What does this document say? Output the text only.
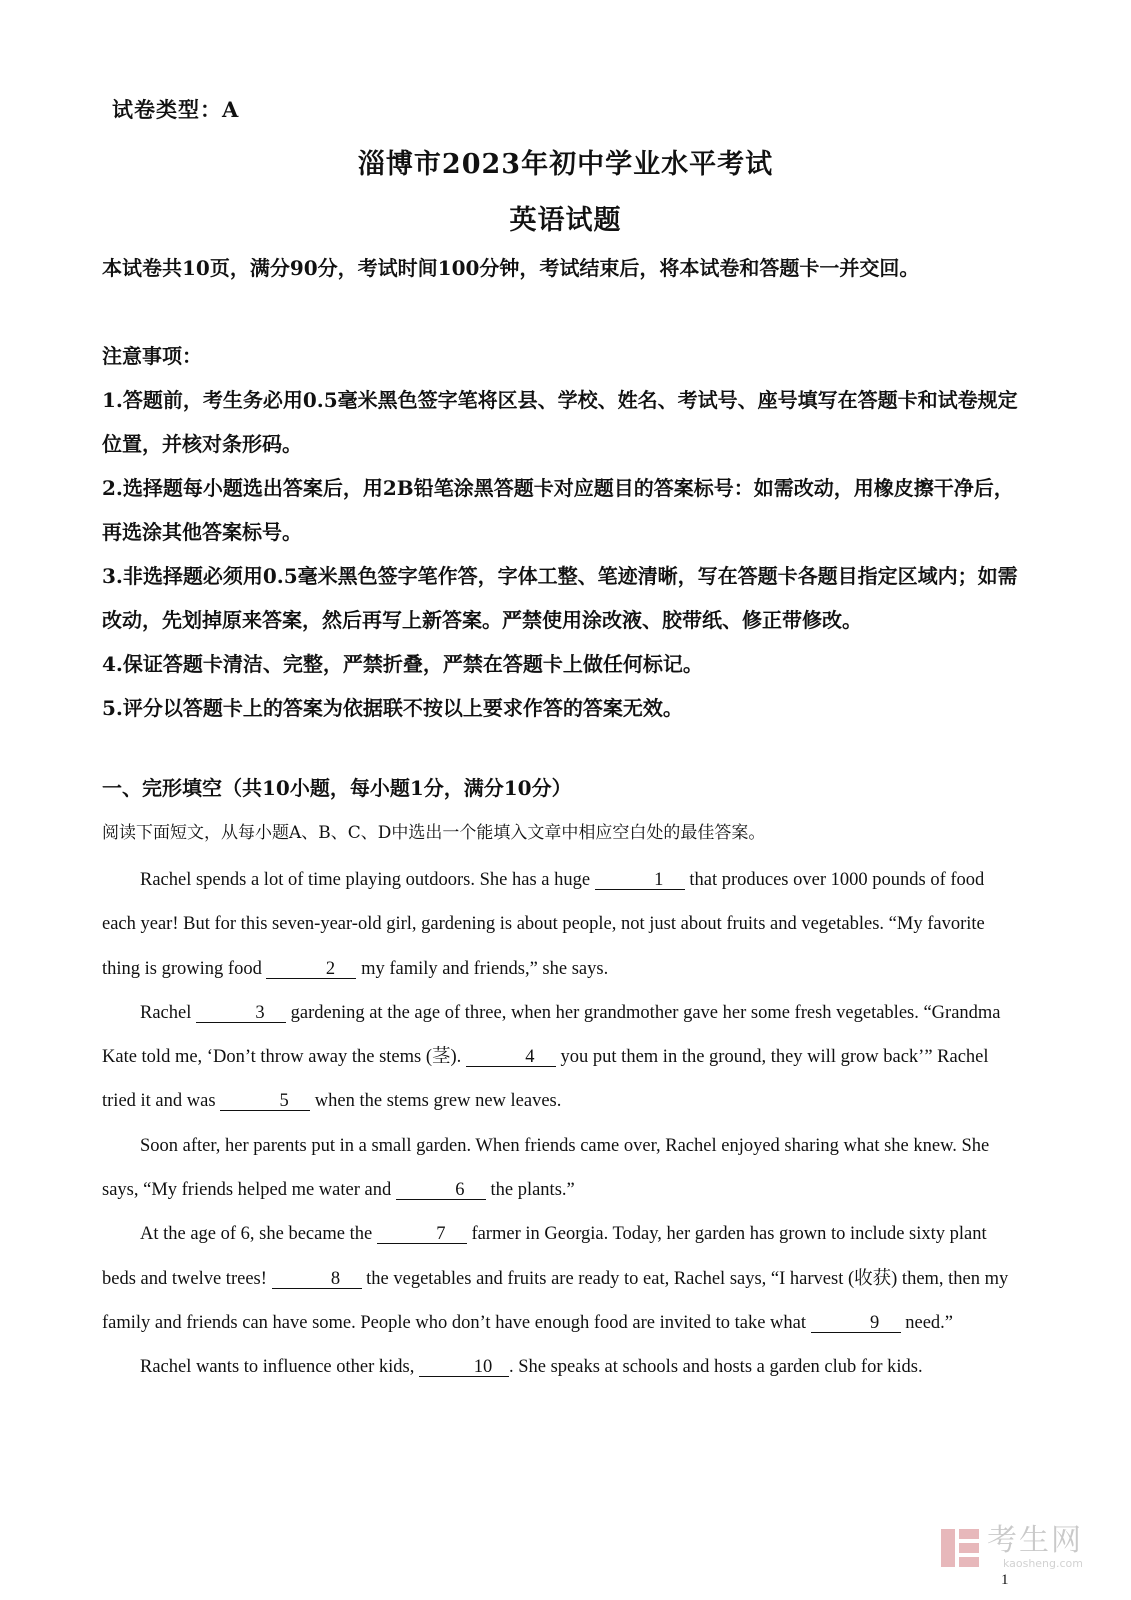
试卷类型：A
淄博市2023年初中学业水平考试
英语试题

本试卷共10页，满分90分，考试时间100分钟，考试结束后，将本试卷和答题卡一并交回。

注意事项：

1.答题前，考生务必用0.5毫米黑色签字笔将区县、学校、姓名、考试号、座号填写在答题卡和试卷规定位置，并核对条形码。

2.选择题每小题选出答案后，用2B铅笔涂黑答题卡对应题目的答案标号：如需改动，用橡皮擦干净后，再选涂其他答案标号。

3.非选择题必须用0.5毫米黑色签字笔作答，字体工整、笔迹清晰，写在答题卡各题目指定区域内；如需改动，先划掉原来答案，然后再写上新答案。严禁使用涂改液、胶带纸、修正带修改。

4.保证答题卡清洁、完整，严禁折叠，严禁在答题卡上做任何标记。

5.评分以答题卡上的答案为依据联不按以上要求作答的答案无效。

一、完形填空（共10小题，每小题1分，满分10分）
阅读下面短文，从每小题A、B、C、D中选出一个能填入文章中相应空白处的最佳答案。

Rachel spends a lot of time playing outdoors. She has a huge	1 that produces over 1000 pounds of food each year! But for this seven-year-old girl, gardening is about people, not just about fruits and vegetables. “My favorite thing is growing food	2 my family and friends,” she says.

Rachel	3 gardening at the age of three, when her grandmother gave her some fresh vegetables. “Grandma Kate told me, ‘Don’t throw away the stems (茎).	4 you put them in the ground, they will grow back’” Rachel tried it and was	5 when the stems grew new leaves.

Soon after, her parents put in a small garden. When friends came over, Rachel enjoyed sharing what she knew. She says, “My friends helped me water and	6 the plants.”

At the age of 6, she became the	7 farmer in Georgia. Today, her garden has grown to include sixty plant beds and twelve trees!	8 the vegetables and fruits are ready to eat, Rachel says, “I harvest (收获) them, then my family and friends can have some. People who don’t have enough food are invited to take what	9 need.”

Rachel wants to influence other kids,	10 . She speaks at schools and hosts a garden club for kids.

考生网
kaosheng.com
1
